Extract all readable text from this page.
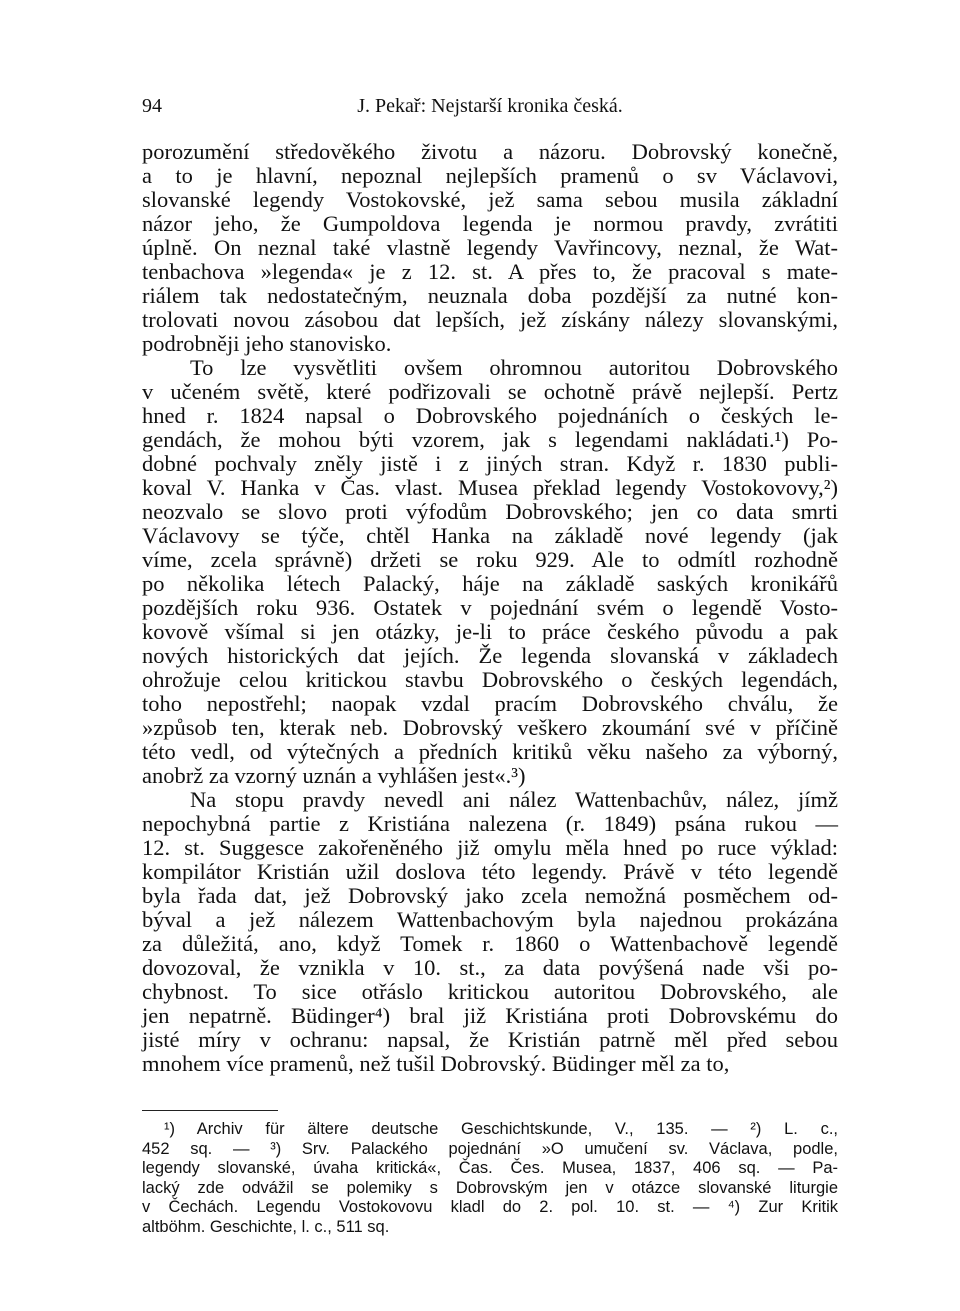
94	J. Pekař: Nejstarší kronika česká.
porozumění středověkého životu a názoru. Dobrovský konečně,
a to je hlavní, nepoznal nejlepších pramenů o sv Václavovi,
slovanské legendy Vostokovské, jež sama sebou musila základní
názor jeho, že Gumpoldova legenda je normou pravdy, zvrátiti
úplně. On neznal také vlastně legendy Vavřincovy, neznal, že Wat-
tenbachova »legenda« je z 12. st. A přes to, že pracoval s mate-
riálem tak nedostatečným, neuznala doba pozdější za nutné kon-
trolovati novou zásobou dat lepších, jež získány nálezy slovanskými,
podrobněji jeho stanovisko.
To lze vysvětliti ovšem ohromnou autoritou Dobrovského
v učeném světě, které podřizovali se ochotně právě nejlepší. Pertz
hned r. 1824 napsal o Dobrovského pojednáních o českých le-
gendách, že mohou býti vzorem, jak s legendami nakládati.¹) Po-
dobné pochvaly zněly jistě i z jiných stran. Když r. 1830 publi-
koval V. Hanka v Čas. vlast. Musea překlad legendy Vostokovovy,²)
neozvalo se slovo proti výfodům Dobrovského; jen co data smrti
Václavovy se týče, chtěl Hanka na základě nové legendy (jak
víme, zcela správně) držeti se roku 929. Ale to odmítl rozhodně
po několika létech Palacký, háje na základě saských kronikářů
pozdějších roku 936. Ostatek v pojednání svém o legendě Vosto-
kovově všímal si jen otázky, je-li to práce českého původu a pak
nových historických dat jejích. Že legenda slovanská v základech
ohrožuje celou kritickou stavbu Dobrovského o českých legendách,
toho nepostřehl; naopak vzdal pracím Dobrovského chválu, že
»způsob ten, kterak neb. Dobrovský veškero zkoumání své v příčině
této vedl, od výtečných a předních kritiků věku našeho za výborný,
anobrž za vzorný uznán a vyhlášen jest«.³)
Na stopu pravdy nevedl ani nález Wattenbachův, nález, jímž
nepochybná partie z Kristiána nalezena (r. 1849) psána rukou —
12. st. Suggesce zakořeněného již omylu měla hned po ruce výklad:
kompilátor Kristián užil doslova této legendy. Právě v této legendě
byla řada dat, jež Dobrovský jako zcela nemožná posměchem od-
býval a jež nálezem Wattenbachovým byla najednou prokázána
za důležitá, ano, když Tomek r. 1860 o Wattenbachově legendě
dovozoval, že vznikla v 10. st., za data povýšená nade vši po-
chybnost. To sice otřáslo kritickou autoritou Dobrovského, ale
jen nepatrně. Büdinger⁴) bral již Kristiána proti Dobrovskému do
jisté míry v ochranu: napsal, že Kristián patrně měl před sebou
mnohem více pramenů, než tušil Dobrovský. Büdinger měl za to,
¹) Archiv für ältere deutsche Geschichtskunde, V., 135. — ²) L. c.,
452 sq. — ³) Srv. Palackého pojednání »O umučení sv. Václava, podle,
legendy slovanské, úvaha kritická«, Čas. Čes. Musea, 1837, 406 sq. — Pa-
lacký zde odvážil se polemiky s Dobrovským jen v otázce slovanské liturgie
v Čechách. Legendu Vostokovovu kladl do 2. pol. 10. st. — ⁴) Zur Kritik
altböhm. Geschichte, l. c., 511 sq.
